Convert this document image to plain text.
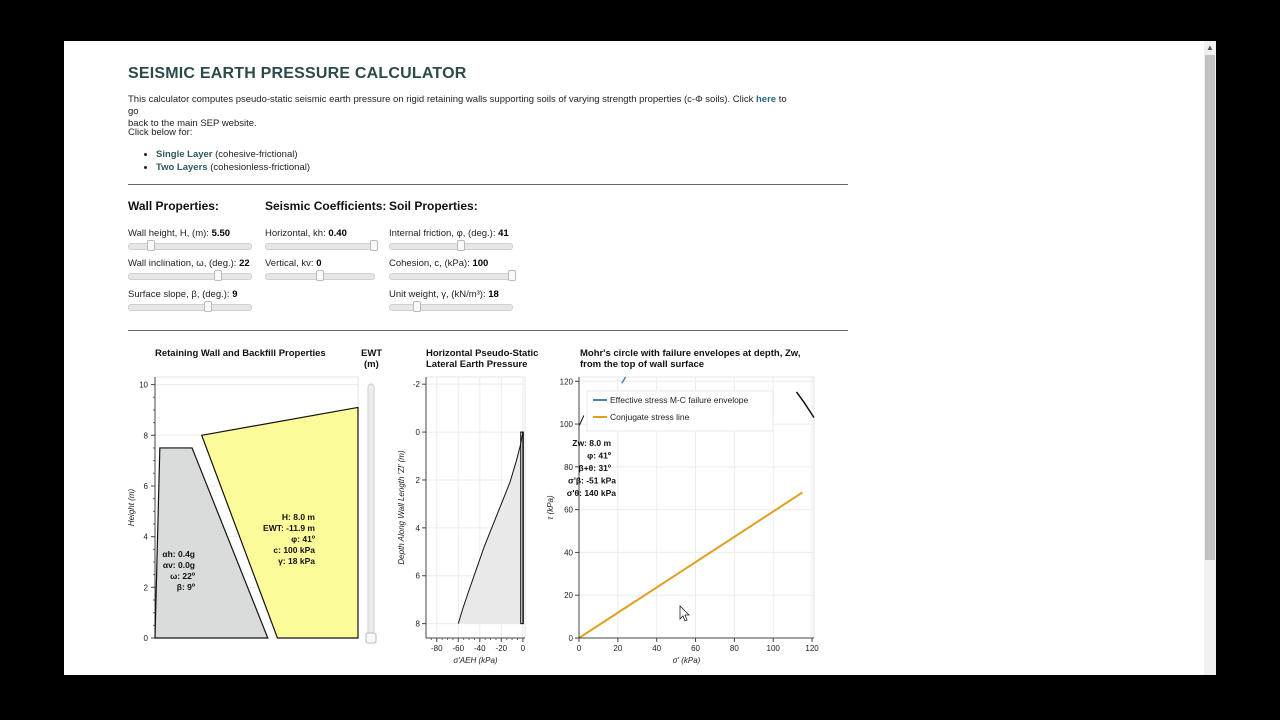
SEISMIC EARTH PRESSURE CALCULATOR
This calculator computes pseudo-static seismic earth pressure on rigid retaining walls supporting soils of varying strength properties (c-Φ soils). Click here to go
back to the main SEP website.
Click below for:
• Single Layer (cohesive-frictional)
• Two Layers (cohesionless-frictional)
Wall Properties:	Seismic Coefficients: Soil Properties:
Wall height, H, (m): 5.50
Wall inclination, ω, (deg.): 22
Surface slope, β, (deg.): 9
Horizontal, kh: 0.40
Vertical, kv: 0
Internal friction, φ, (deg.): 41
Cohesion, c, (kPa): 100
Unit weight, γ, (kN/m³): 18
Retaining Wall and Backfill Properties	EWT
(m)
Horizontal Pseudo-Static
Lateral Earth Pressure
Mohr's circle with failure envelopes at depth, Zw,
from the top of wall surface
0
2
4
6
8
10
Height (m)
αh: 0.4g
αv: 0.0g
ω: 22º
β: 9º
H: 8.0 m
EWT: -11.9 m
φ: 41º
c: 100 kPa
γ: 18 kPa
-2
0
2
4
6
8
-80 -60 -40 -20 0
σ'AEH (kPa)
Depth Along Wall Length 'Zl' (m)
0
20
40
60
80
100
120
0	20	40	60	80	100	120
σ' (kPa)
τ (kPa)
Effective stress M-C failure envelope
Conjugate stress line
Zw: 8.0 m
φ: 41º
β+θ: 31º
σ'β: -51 kPa
σ'θ: 140 kPa
▲
